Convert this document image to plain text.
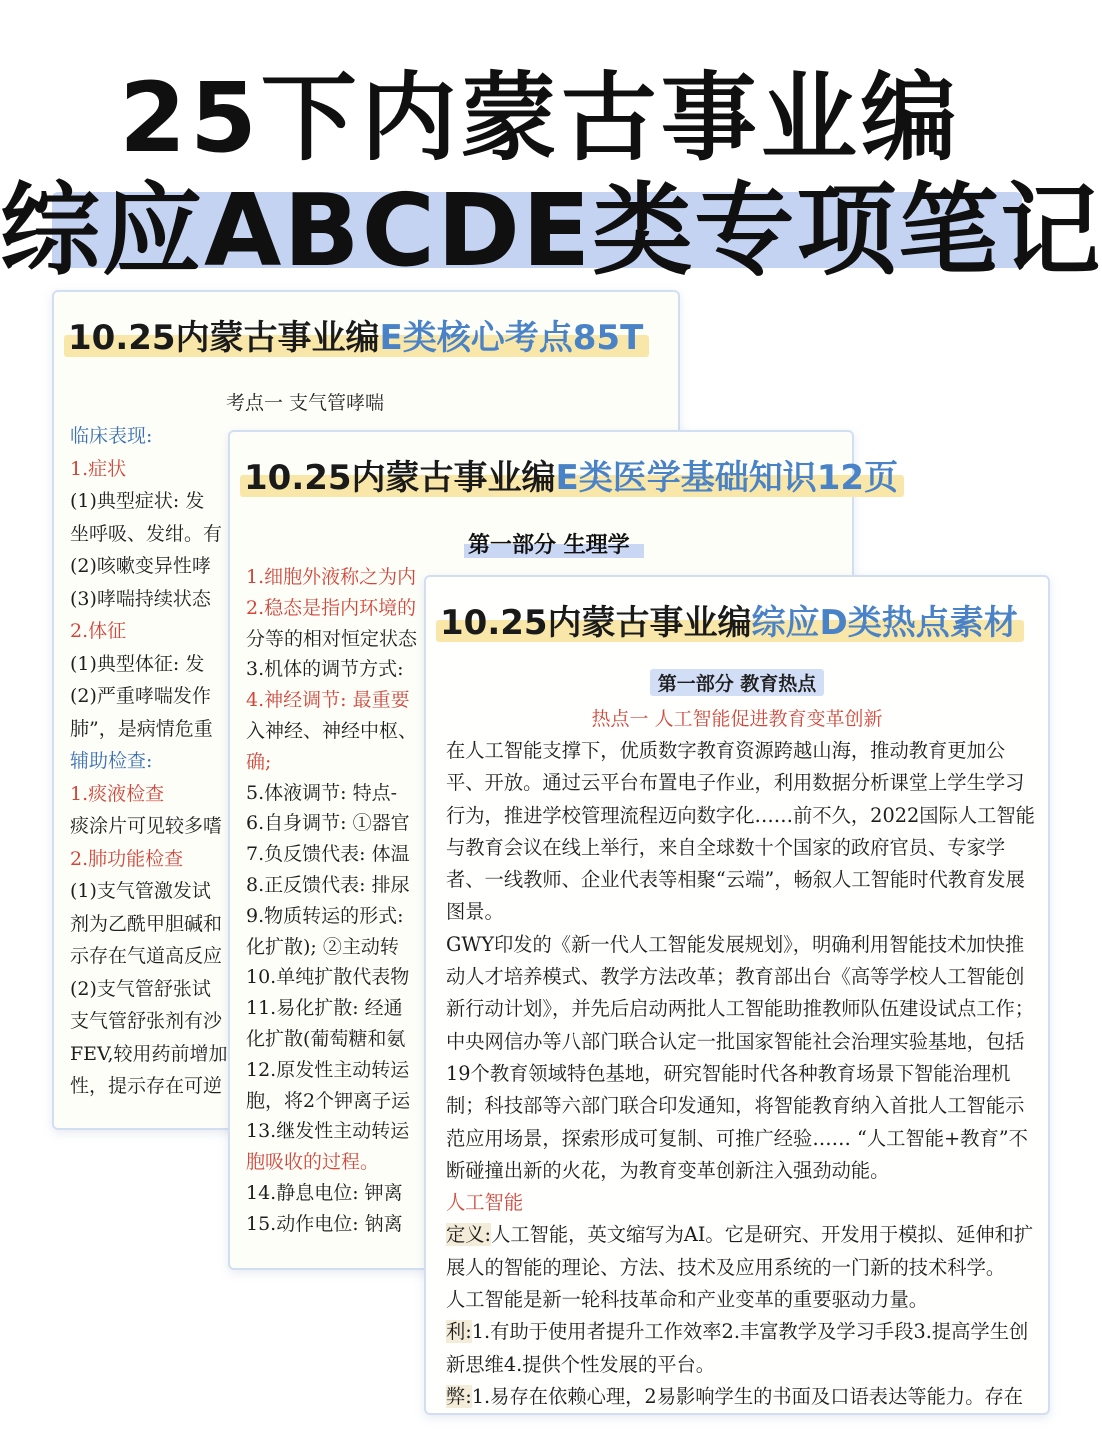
25下内蒙古事业编
综应ABCDE类专项笔记
10.25内蒙古事业编E类核心考点85T
考点一 支气管哮喘
临床表现:
1.症状
(1)典型症状: 发
坐呼吸、发绀。有
(2)咳嗽变异性哮
(3)哮喘持续状态
2.体征
(1)典型体征: 发
(2)严重哮喘发作
肺”，是病情危重
辅助检查:
1.痰液检查
痰涂片可见较多嗜
2.肺功能检查
(1)支气管激发试
剂为乙酰甲胆碱和
示存在气道高反应
(2)支气管舒张试
支气管舒张剂有沙
FEV,较用药前增加
性，提示存在可逆
10.25内蒙古事业编E类医学基础知识12页
第一部分 生理学
1.细胞外液称之为内
2.稳态是指内环境的
分等的相对恒定状态
3.机体的调节方式:
4.神经调节: 最重要
入神经、神经中枢、
确;
5.体液调节: 特点-
6.自身调节: ①器官
7.负反馈代表: 体温
8.正反馈代表: 排尿
9.物质转运的形式:
化扩散); ②主动转
10.单纯扩散代表物
11.易化扩散: 经通
化扩散(葡萄糖和氨
12.原发性主动转运
胞，将2个钾离子运
13.继发性主动转运
胞吸收的过程。
14.静息电位: 钾离
15.动作电位: 钠离
10.25内蒙古事业编综应D类热点素材
第一部分 教育热点
热点一 人工智能促进教育变革创新

在人工智能支撑下，优质数字教育资源跨越山海，推动教育更加公平、开放。通过云平台布置电子作业，利用数据分析课堂上学生学习行为，推进学校管理流程迈向数字化……前不久，2022国际人工智能与教育会议在线上举行，来自全球数十个国家的政府官员、专家学者、一线教师、企业代表等相聚“云端”，畅叙人工智能时代教育发展图景。

GWY印发的《新一代人工智能发展规划》，明确利用智能技术加快推动人才培养模式、教学方法改革；教育部出台《高等学校人工智能创新行动计划》，并先后启动两批人工智能助推教师队伍建设试点工作；中央网信办等八部门联合认定一批国家智能社会治理实验基地，包括19个教育领域特色基地，研究智能时代各种教育场景下智能治理机制；科技部等六部门联合印发通知，将智能教育纳入首批人工智能示范应用场景，探索形成可复制、可推广经验…… “人工智能+教育”不断碰撞出新的火花，为教育变革创新注入强劲动能。

人工智能

定义:人工智能，英文缩写为AI。它是研究、开发用于模拟、延伸和扩展人的智能的理论、方法、技术及应用系统的一门新的技术科学。

人工智能是新一轮科技革命和产业变革的重要驱动力量。

利:1.有助于使用者提升工作效率2.丰富教学及学习手段3.提高学生创新思维4.提供个性发展的平台。

弊:1.易存在依赖心理，2易影响学生的书面及口语表达等能力。存在
